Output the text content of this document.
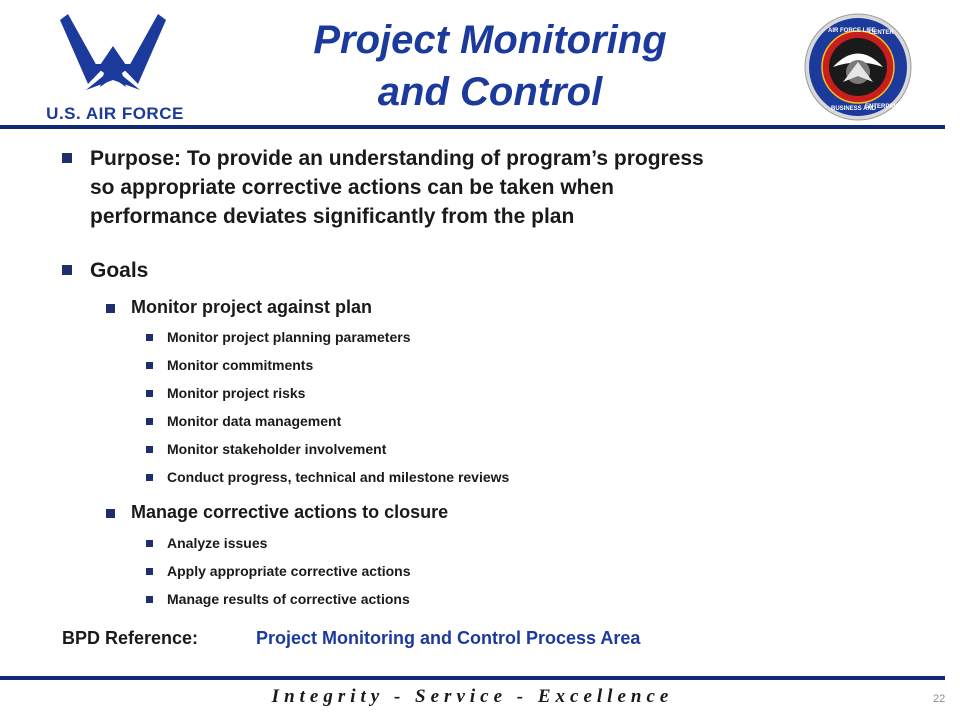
U.S. AIR FORCE
Project Monitoring
and Control
AIR FORCE LIFE
CENTER
BUSINESS AND
ENTERPRISE
Purpose: To provide an understanding of program’s progress
so appropriate corrective actions can be taken when
performance deviates significantly from the plan
Goals
Monitor project against plan
Monitor project planning parameters
Monitor commitments
Monitor project risks
Monitor data management
Monitor stakeholder involvement
Conduct progress, technical and milestone reviews
Manage corrective actions to closure
Analyze issues
Apply appropriate corrective actions
Manage results of corrective actions
BPD Reference:	Project Monitoring and Control Process Area
Integrity - Service - Excellence	22
